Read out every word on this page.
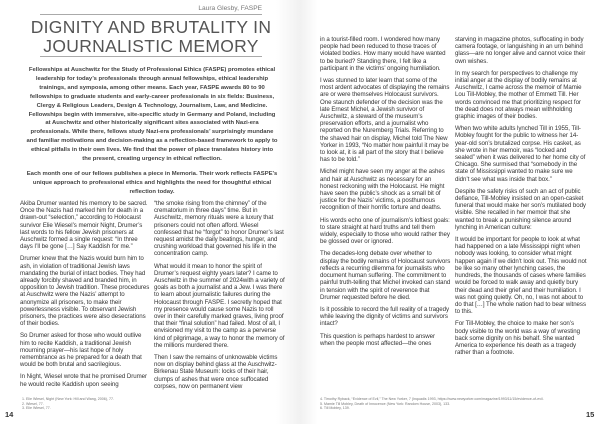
Laura Glesby, FASPE
DIGNITY AND BRUTALITY IN JOURNALISTIC MEMORY

Fellowships at Auschwitz for the Study of Professional Ethics (FASPE) promotes ethical leadership for today’s professionals through annual fellowships, ethical leadership trainings, and symposia, among other means. Each year, FASPE awards 80 to 90 fellowships to graduate students and early-career professionals in six fields: Business, Clergy & Religious Leaders, Design & Technology, Journalism, Law, and Medicine. Fellowships begin with immersive, site-specific study in Germany and Poland, including at Auschwitz and other historically significant sites associated with Nazi-era professionals. While there, fellows study Nazi-era professionals’ surprisingly mundane and familiar motivations and decision-making as a reflection-based framework to apply to ethical pitfalls in their own lives. We find that the power of place translates history into the present, creating urgency in ethical reflection.

Each month one of our fellows publishes a piece in Memoria. Their work reflects FASPE’s unique approach to professional ethics and highlights the need for thoughtful ethical reflection today.

Akiba Drumer wanted his memory to be sacred. Once the Nazis had marked him for death in a drawn-out “selection,” according to Holocaust survivor Elie Wiesel’s memoir Night, Drumer’s last words to his fellow Jewish prisoners at Auschwitz formed a single request: “In three days I’ll be gone […] Say Kaddish for me.”

Drumer knew that the Nazis would burn him to ash, in violation of traditional Jewish laws mandating the burial of intact bodies. They had already forcibly shaved and branded him, in opposition to Jewish tradition. These procedures at Auschwitz were the Nazis’ attempt to anonymize all prisoners, to make their powerlessness visible. To observant Jewish prisoners, the practices were also desecrations of their bodies.

So Drumer asked for those who would outlive him to recite Kaddish, a traditional Jewish mourning prayer—his last hope of holy remembrance as he prepared for a death that would be both brutal and sacrilegious.

In Night, Wiesel wrote that he promised Drumer he would recite Kaddish upon seeing

“the smoke rising from the chimney” of the crematorium in three days” time. But in Auschwitz, memory rituals were a luxury that prisoners could not often afford. Wiesel confessed that he “forgot” to honor Drumer’s last request amidst the daily beatings, hunger, and crushing workload that governed his life in the concentration camp.

What would it mean to honor the spirit of Drumer’s request eighty years later? I came to Auschwitz in the summer of 2024with a variety of goals as both a journalist and a Jew. I was there to learn about journalistic failures during the Holocaust through FASPE. I secretly hoped that my presence would cause some Nazis to roll over in their carefully marked graves, living proof that their “final solution” had failed. Most of all, I envisioned my visit to the camp as a perverse kind of pilgrimage, a way to honor the memory of the millions murdered there.

Then I saw the remains of unknowable victims now on display behind glass at the Auschwitz-Birkenau State Museum: locks of their hair, clumps of ashes that were once suffocated corpses, now on permanent view

1. Elie Wiesel, Night (New York: Hill and Wang, 2006), 77.
2. Wiesel, 77.
3. Elie Wiesel, 77.
14

in a tourist-filled room. I wondered how many people had been reduced to those traces of violated bodies. How many would have wanted to be buried? Standing there, I felt like a participant in the victims’ ongoing humiliation.

I was stunned to later learn that some of the most ardent advocates of displaying the remains are or were themselves Holocaust survivors. One staunch defender of the decision was the late Ernest Michel, a Jewish survivor of Auschwitz, a steward of the museum’s preservation efforts, and a journalist who reported on the Nuremberg Trials. Referring to the shaved hair on display, Michel told The New Yorker in 1993, “No matter how painful it may be to look at, it is all part of the story that I believe has to be told.”

Michel might have seen my anger at the ashes and hair at Auschwitz as necessary for an honest reckoning with the Holocaust. He might have seen the public’s shock as a small bit of justice for the Nazis’ victims, a posthumous recognition of their horrific torture and deaths.

His words echo one of journalism’s loftiest goals: to stare straight at hard truths and tell them widely, especially to those who would rather they be glossed over or ignored.

The decades-long debate over whether to display the bodily remains of Holocaust survivors reflects a recurring dilemma for journalists who document human suffering. The commitment to painful truth-telling that Michel invoked can stand in tension with the spirit of reverence that Drumer requested before he died.

Is it possible to record the full reality of a tragedy while leaving the dignity of victims and survivors intact?

This question is perhaps hardest to answer when the people most affected—the ones

starving in magazine photos, suffocating in body camera footage, or languishing in an urn behind glass—are no longer alive and cannot voice their own wishes.

In my search for perspectives to challenge my initial anger at the display of bodily remains at Auschwitz, I came across the memoir of Mamie Lou Till-Mobley, the mother of Emmett Till. Her words convinced me that prioritizing respect for the dead does not always mean withholding graphic images of their bodies.

When two white adults lynched Till in 1955, Till-Mobley fought for the public to witness her 14-year-old son’s brutalized corpse. His casket, as she wrote in her memoir, was “locked and sealed” when it was delivered to her home city of Chicago. She surmised that “somebody in the state of Mississippi wanted to make sure we didn’t see what was inside that box.”

Despite the safety risks of such an act of public defiance, Till-Mobley insisted on an open-casket funeral that would make her son’s mutilated body visible. She recalled in her memoir that she wanted to break a punishing silence around lynching in American culture:

It would be important for people to look at what had happened on a late Mississippi night when nobody was looking, to consider what might happen again if we didn’t look out. This would not be like so many other lynching cases, the hundreds, the thousands of cases where families would be forced to walk away and quietly bury their dead and their grief and their humiliation. I was not going quietly. Oh, no, I was not about to do that […] The whole nation had to bear witness to this.

For Till-Mobley, the choice to make her son’s body visible to the world was a way of wresting back some dignity on his behalf. She wanted America to experience his death as a tragedy rather than a footnote.

4. Timothy Ryback, “Evidence of Evil,” The New Yorker, 7 (Inquadis 1993, https://www.newyorker.com/magazine/1993/11/15/evidence-of-evil.
5. Mamie Till Mobley, Death of Innocence (New York: Random House, 2003), 133.
6. Till Mobley, 139.
15
